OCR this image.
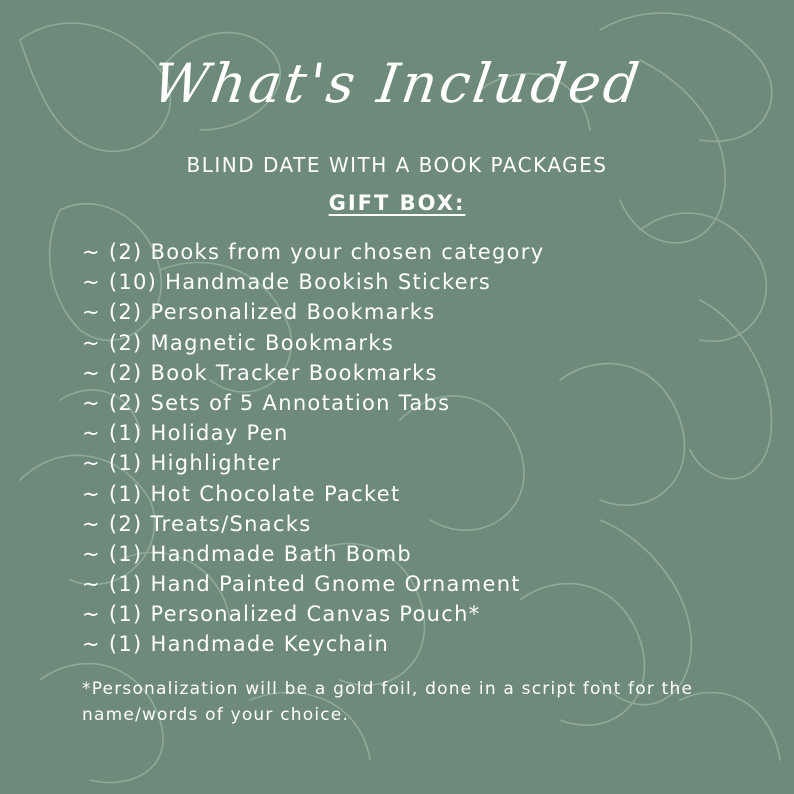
What's Included
BLIND DATE WITH A BOOK PACKAGES
GIFT BOX:
~ (2) Books from your chosen category
~ (10) Handmade Bookish Stickers
~ (2) Personalized Bookmarks
~ (2) Magnetic Bookmarks
~ (2) Book Tracker Bookmarks
~ (2) Sets of 5 Annotation Tabs
~ (1) Holiday Pen
~ (1) Highlighter
~ (1) Hot Chocolate Packet
~ (2) Treats/Snacks
~ (1) Handmade Bath Bomb
~ (1) Hand Painted Gnome Ornament
~ (1) Personalized Canvas Pouch*
~ (1) Handmade Keychain
*Personalization will be a gold foil, done in a script font for the name/words of your choice.
